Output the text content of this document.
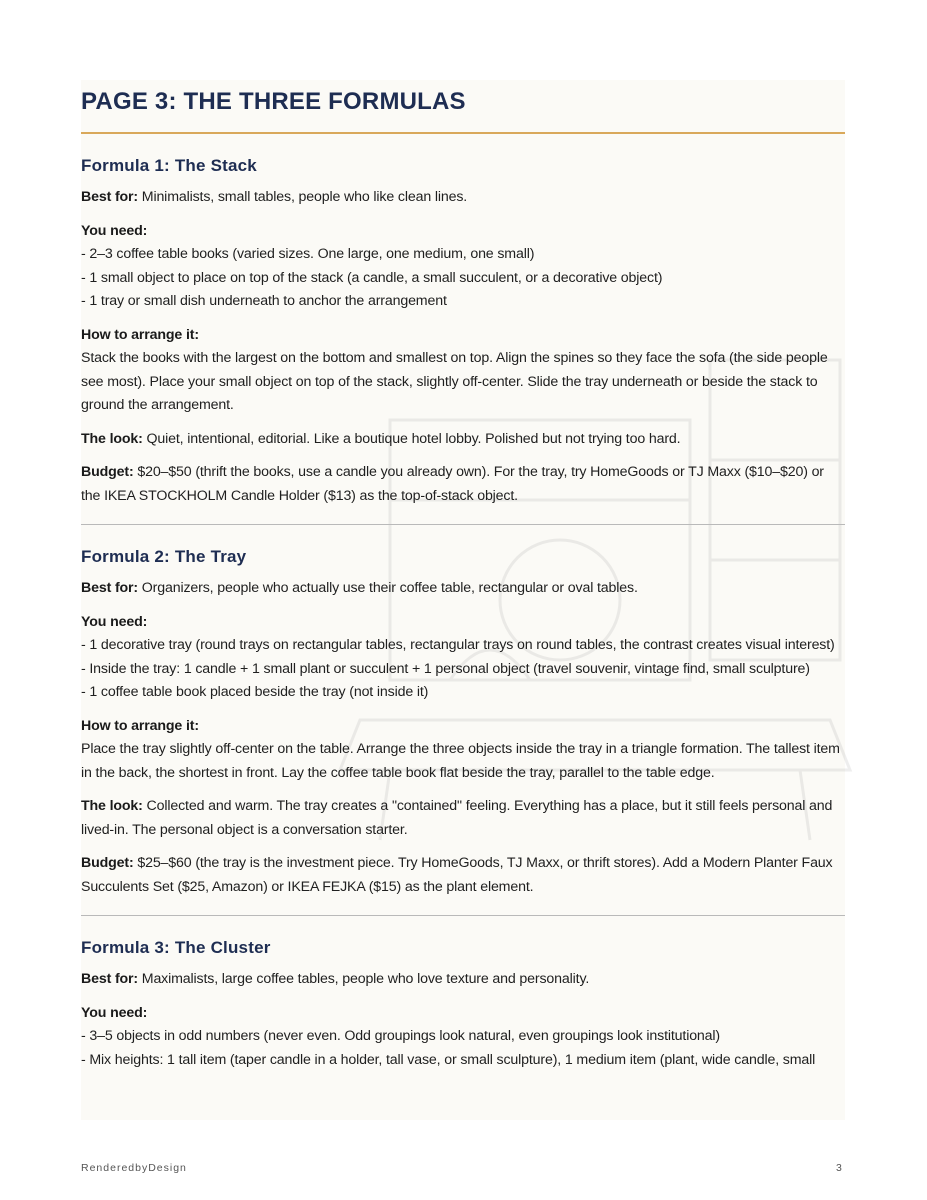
PAGE 3: THE THREE FORMULAS
Formula 1: The Stack

Best for: Minimalists, small tables, people who like clean lines.

You need:

- 2–3 coffee table books (varied sizes. One large, one medium, one small)

- 1 small object to place on top of the stack (a candle, a small succulent, or a decorative object)

- 1 tray or small dish underneath to anchor the arrangement

How to arrange it:

Stack the books with the largest on the bottom and smallest on top. Align the spines so they face the sofa (the side people see most). Place your small object on top of the stack, slightly off-center. Slide the tray underneath or beside the stack to ground the arrangement.

The look: Quiet, intentional, editorial. Like a boutique hotel lobby. Polished but not trying too hard.

Budget: $20–$50 (thrift the books, use a candle you already own). For the tray, try HomeGoods or TJ Maxx ($10–$20) or the IKEA STOCKHOLM Candle Holder ($13) as the top-of-stack object.

Formula 2: The Tray

Best for: Organizers, people who actually use their coffee table, rectangular or oval tables.

You need:

- 1 decorative tray (round trays on rectangular tables, rectangular trays on round tables, the contrast creates visual interest)

- Inside the tray: 1 candle + 1 small plant or succulent + 1 personal object (travel souvenir, vintage find, small sculpture)

- 1 coffee table book placed beside the tray (not inside it)

How to arrange it:

Place the tray slightly off-center on the table. Arrange the three objects inside the tray in a triangle formation. The tallest item in the back, the shortest in front. Lay the coffee table book flat beside the tray, parallel to the table edge.

The look: Collected and warm. The tray creates a "contained" feeling. Everything has a place, but it still feels personal and lived-in. The personal object is a conversation starter.

Budget: $25–$60 (the tray is the investment piece. Try HomeGoods, TJ Maxx, or thrift stores). Add a Modern Planter Faux Succulents Set ($25, Amazon) or IKEA FEJKA ($15) as the plant element.

Formula 3: The Cluster

Best for: Maximalists, large coffee tables, people who love texture and personality.

You need:

- 3–5 objects in odd numbers (never even. Odd groupings look natural, even groupings look institutional)

- Mix heights: 1 tall item (taper candle in a holder, tall vase, or small sculpture), 1 medium item (plant, wide candle, small

RenderedbyDesign	3
